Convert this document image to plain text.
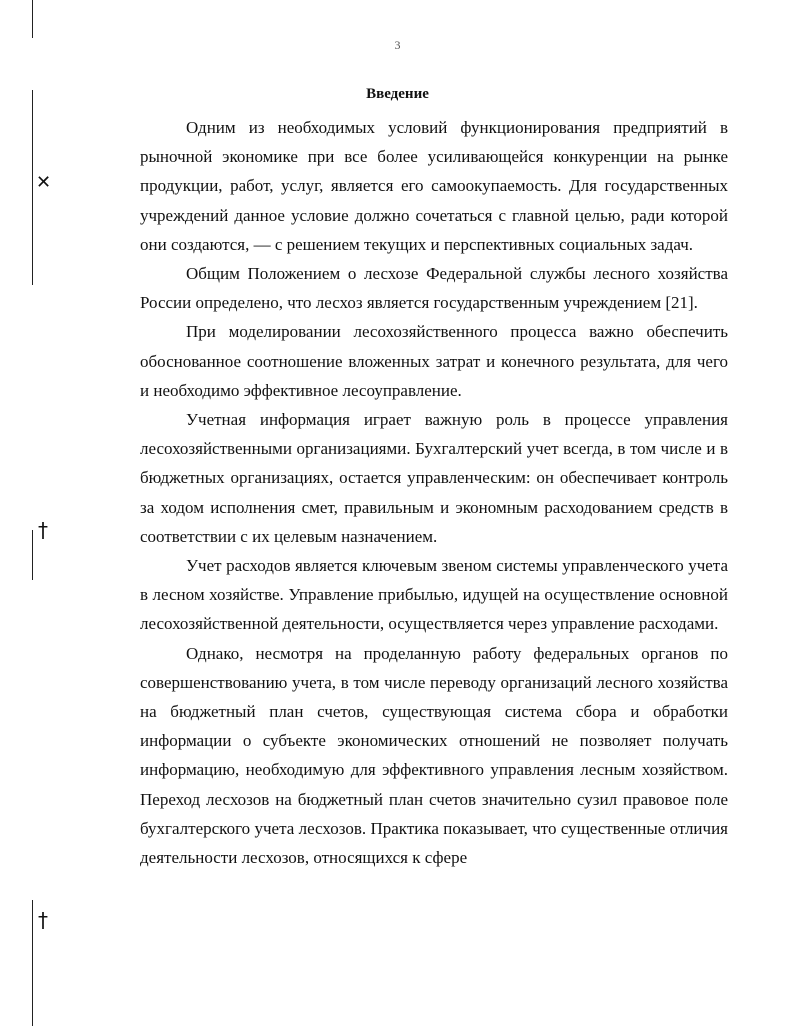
✕
†
†
3
Введение

Одним из необходимых условий функционирования предприятий в рыночной экономике при все более усиливающейся конкуренции на рынке продукции, работ, услуг, является его самоокупаемость. Для государственных учреждений данное условие должно сочетаться с главной целью, ради которой они создаются, — с решением текущих и перспективных социальных задач.

Общим Положением о лесхозе Федеральной службы лесного хозяйства России определено, что лесхоз является государственным учреждением [21].

При моделировании лесохозяйственного процесса важно обеспечить обоснованное соотношение вложенных затрат и конечного результата, для чего и необходимо эффективное лесоуправление.

Учетная информация играет важную роль в процессе управления лесохозяйственными организациями. Бухгалтерский учет всегда, в том числе и в бюджетных организациях, остается управленческим: он обеспечивает контроль за ходом исполнения смет, правильным и экономным расходованием средств в соответствии с их целевым назначением.

Учет расходов является ключевым звеном системы управленческого учета в лесном хозяйстве. Управление прибылью, идущей на осуществление основной лесохозяйственной деятельности, осуществляется через управление расходами.

Однако, несмотря на проделанную работу федеральных органов по совершенствованию учета, в том числе переводу организаций лесного хозяйства на бюджетный план счетов, существующая система сбора и обработки информации о субъекте экономических отношений не позволяет получать информацию, необходимую для эффективного управления лесным хозяйством. Переход лесхозов на бюджетный план счетов значительно сузил правовое поле бухгалтерского учета лесхозов. Практика показывает, что существенные отличия деятельности лесхозов, относящихся к сфере
